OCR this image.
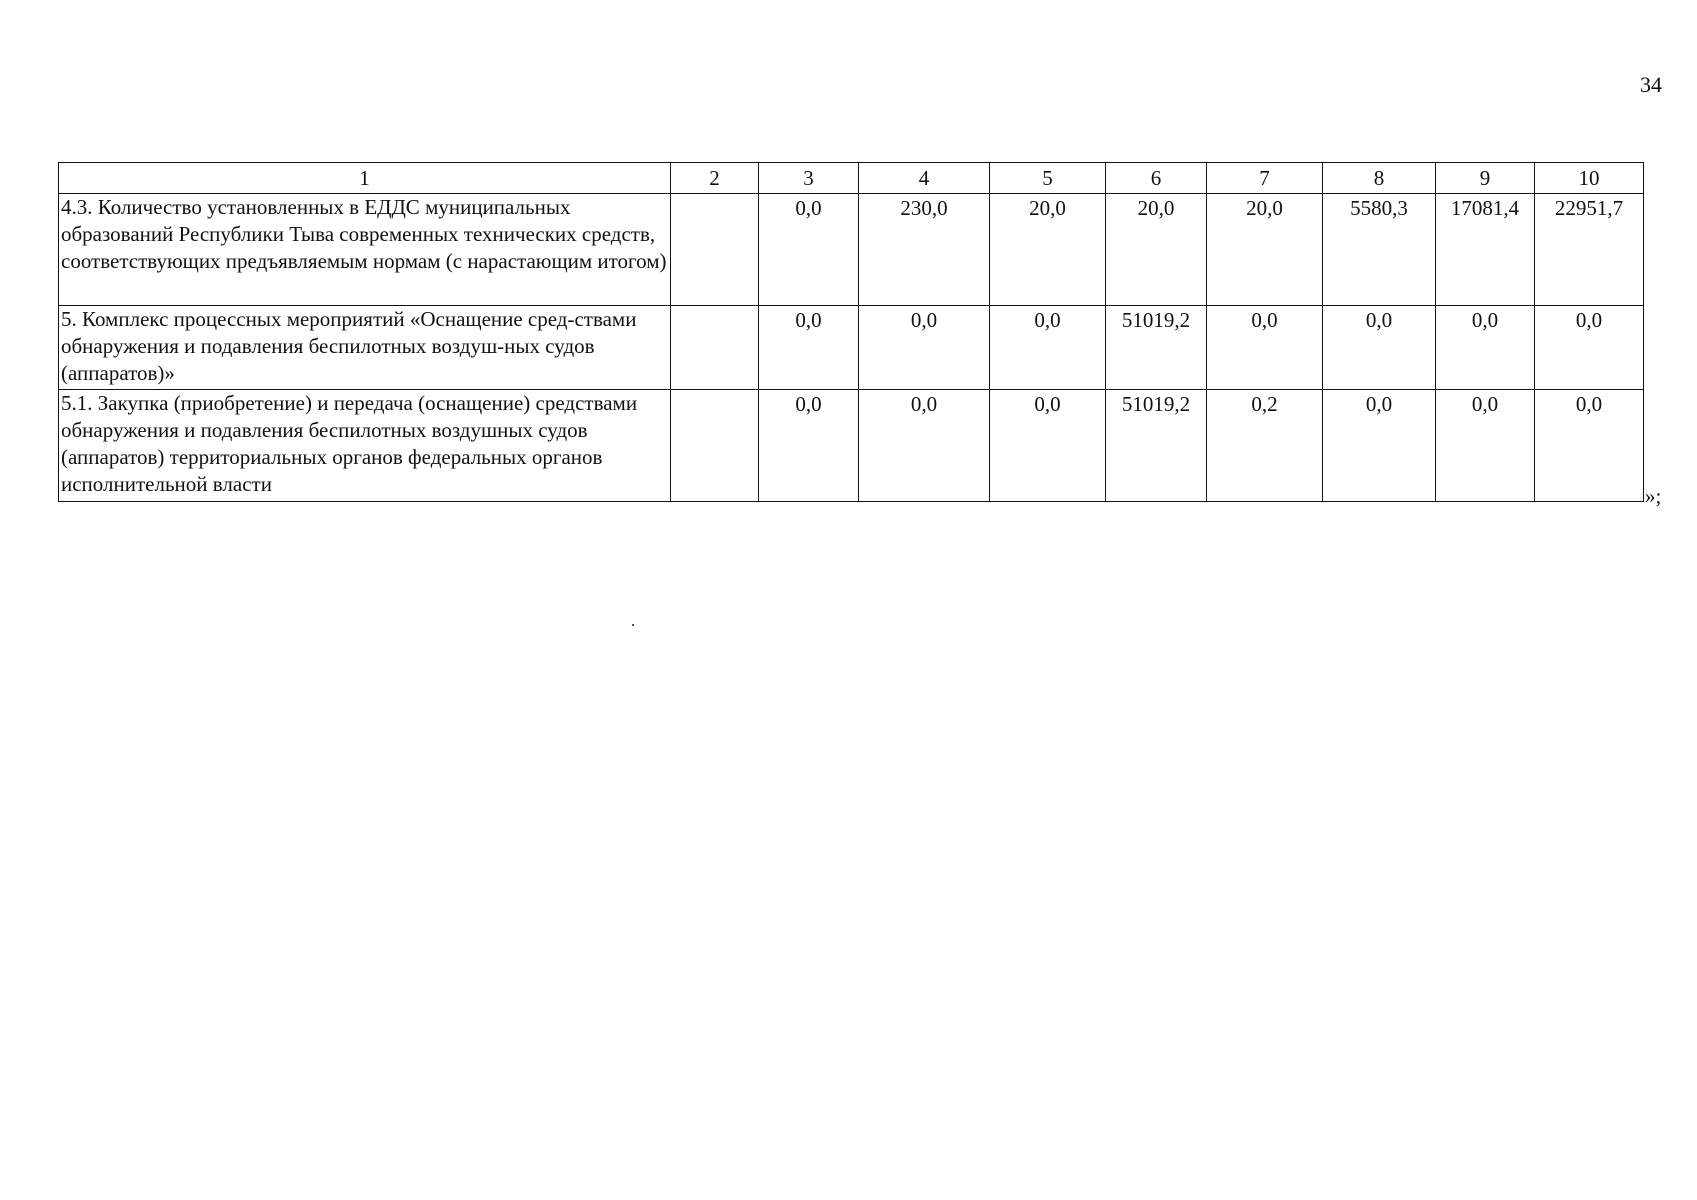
34
1	2	3	4	5	6	7	8	9	10
4.3. Количество установленных в ЕДДС муниципальных образований Республики Тыва современных технических средств, соответствующих предъявляемым нормам (с нарастающим итогом)		0,0	230,0	20,0	20,0	20,0	5580,3	17081,4	22951,7
5. Комплекс процессных мероприятий «Оснащение сред-ствами обнаружения и подавления беспилотных воздуш-ных судов (аппаратов)»		0,0	0,0	0,0	51019,2	0,0	0,0	0,0	0,0
5.1. Закупка (приобретение) и передача (оснащение) средствами обнаружения и подавления беспилотных воздушных судов (аппаратов) территориальных органов федеральных органов исполнительной власти		0,0	0,0	0,0	51019,2	0,2	0,0	0,0	0,0
»;
